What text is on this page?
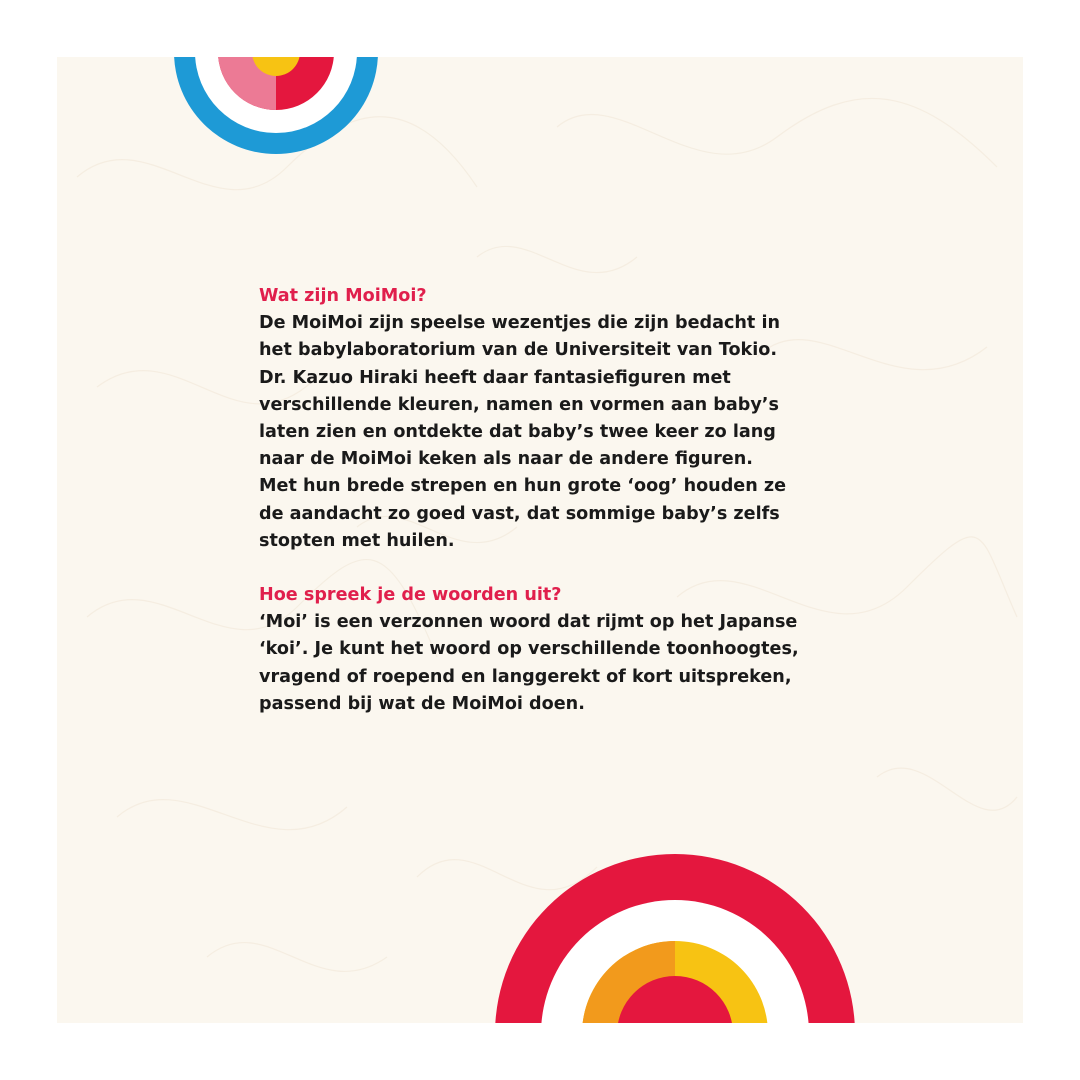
Wat zijn MoiMoi?

De MoiMoi zijn speelse wezentjes die zijn bedacht in
het babylaboratorium van de Universiteit van Tokio.
Dr. Kazuo Hiraki heeft daar fantasiefiguren met
verschillende kleuren, namen en vormen aan baby’s
laten zien en ontdekte dat baby’s twee keer zo lang
naar de MoiMoi keken als naar de andere figuren.
Met hun brede strepen en hun grote ‘oog’ houden ze
de aandacht zo goed vast, dat sommige baby’s zelfs
stopten met huilen.

Hoe spreek je de woorden uit?

‘Moi’ is een verzonnen woord dat rijmt op het Japanse
‘koi’. Je kunt het woord op verschillende toonhoogtes,
vragend of roepend en langgerekt of kort uitspreken,
passend bij wat de MoiMoi doen.
